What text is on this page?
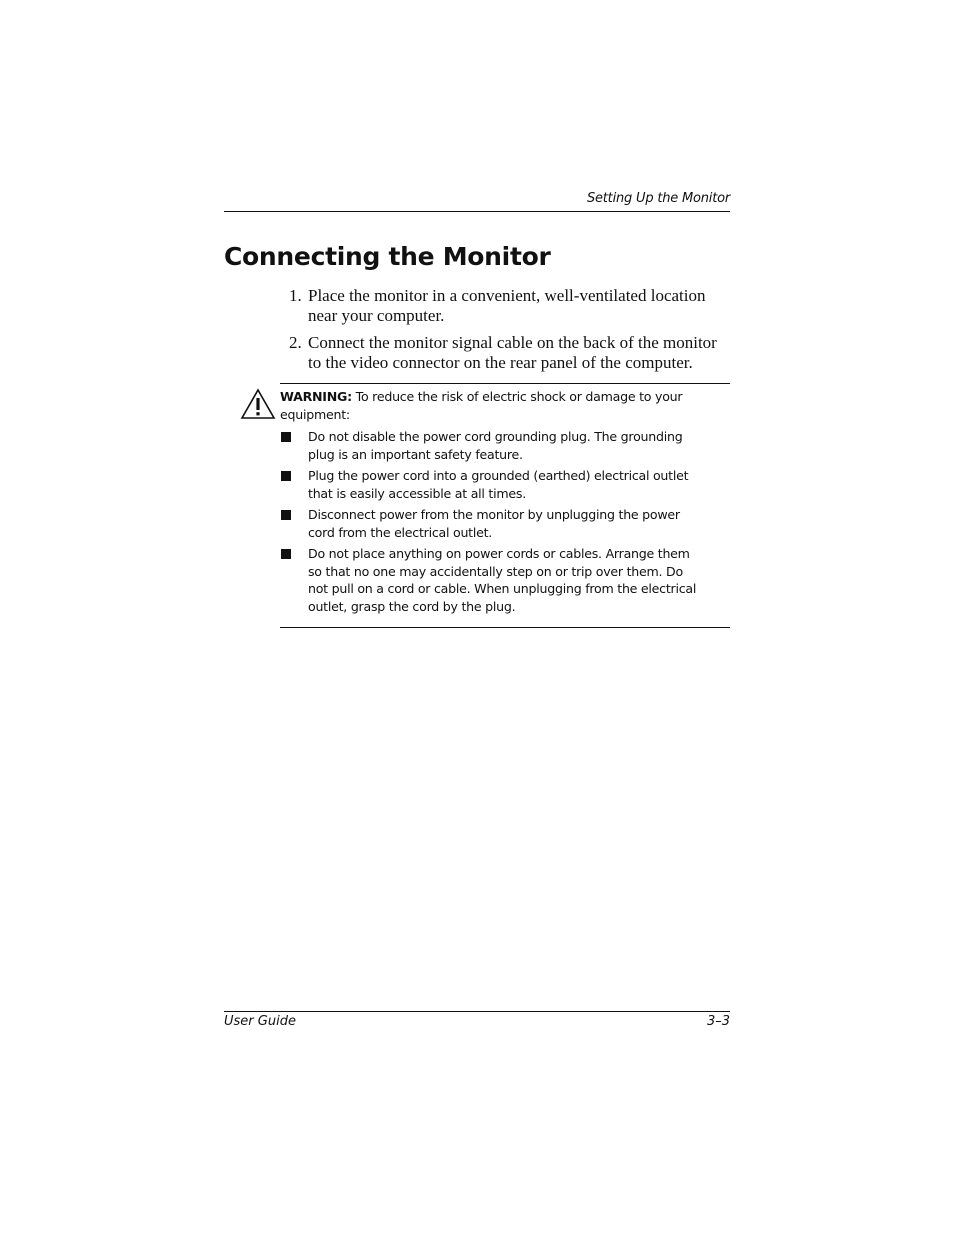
Setting Up the Monitor
Connecting the Monitor
1. Place the monitor in a convenient, well-ventilated location near your computer.
2. Connect the monitor signal cable on the back of the monitor to the video connector on the rear panel of the computer.

WARNING: To reduce the risk of electric shock or damage to your equipment:

Do not disable the power cord grounding plug. The grounding plug is an important safety feature.
Plug the power cord into a grounded (earthed) electrical outlet that is easily accessible at all times.
Disconnect power from the monitor by unplugging the power cord from the electrical outlet.
Do not place anything on power cords or cables. Arrange them so that no one may accidentally step on or trip over them. Do not pull on a cord or cable. When unplugging from the electrical outlet, grasp the cord by the plug.
User Guide	3–3
